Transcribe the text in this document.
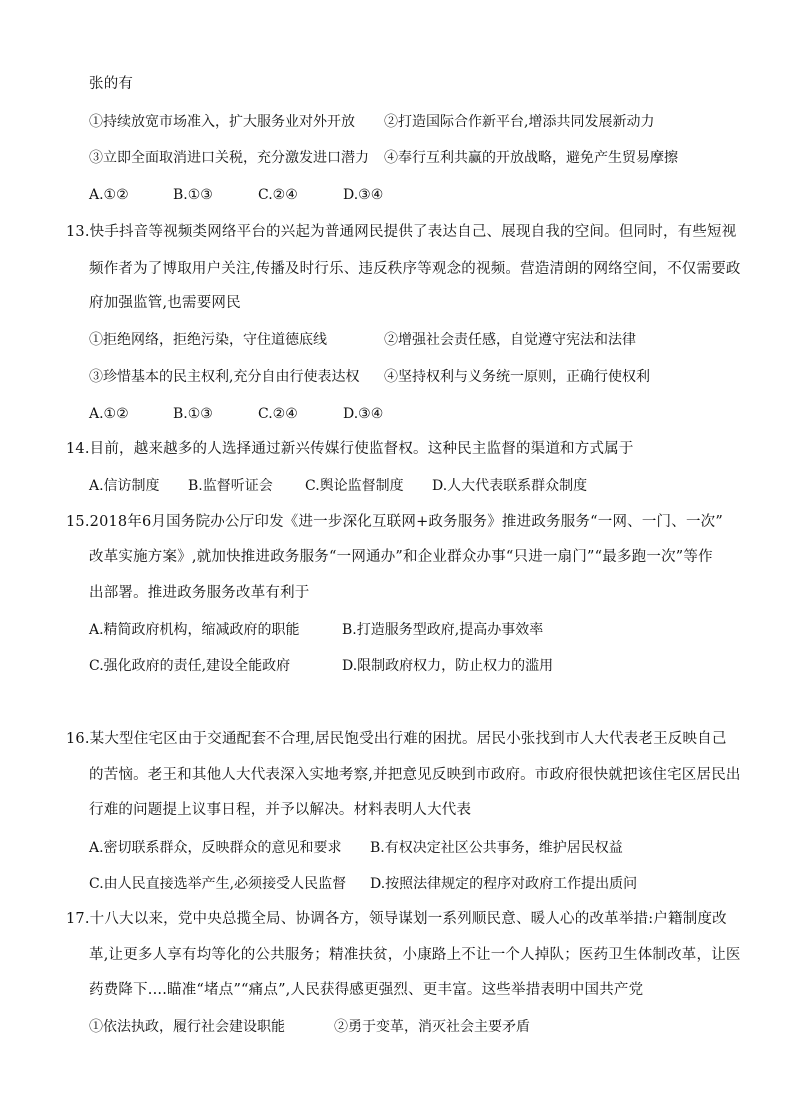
张的有
①持续放宽市场准入，扩大服务业对外开放 ②打造国际合作新平台,增添共同发展新动力
③立即全面取消进口关税，充分激发进口潜力 ④奉行互利共赢的开放战略，避免产生贸易摩擦
A.①②	B.①③	C.②④	D.③④
13.快手抖音等视频类网络平台的兴起为普通网民提供了表达自己、展现自我的空间。但同时，有些短视
频作者为了博取用户关注,传播及时行乐、违反秩序等观念的视频。营造清朗的网络空间，不仅需要政
府加强监管,也需要网民
①拒绝网络，拒绝污染，守住道德底线	②增强社会责任感，自觉遵守宪法和法律
③珍惜基本的民主权利,充分自由行使表达权 ④坚持权利与义务统一原则，正确行使权利
A.①②	B.①③	C.②④	D.③④
14.目前，越来越多的人选择通过新兴传媒行使监督权。这种民主监督的渠道和方式属于
A.信访制度 B.监督听证会 C.舆论监督制度 D.人大代表联系群众制度
15.2018年6月国务院办公厅印发《进一步深化互联网+政务服务》推进政务服务“一网、一门、一次”
改革实施方案》,就加快推进政务服务“一网通办”和企业群众办事“只进一扇门”“最多跑一次”等作
出部署。推进政务服务改革有利于
A.精简政府机构，缩减政府的职能	B.打造服务型政府,提高办事效率
C.强化政府的责任,建设全能政府	D.限制政府权力，防止权力的滥用
16.某大型住宅区由于交通配套不合理,居民饱受出行难的困扰。居民小张找到市人大代表老王反映自己
的苦恼。老王和其他人大代表深入实地考察,并把意见反映到市政府。市政府很快就把该住宅区居民出
行难的问题提上议事日程，并予以解决。材料表明人大代表
A.密切联系群众，反映群众的意见和要求 B.有权决定社区公共事务，维护居民权益
C.由人民直接选举产生,必须接受人民监督 D.按照法律规定的程序对政府工作提出质问
17.十八大以来，党中央总揽全局、协调各方，领导谋划一系列顺民意、暖人心的改革举措:户籍制度改
革,让更多人享有均等化的公共服务；精准扶贫，小康路上不让一个人掉队；医药卫生体制改革，让医
药费降下....瞄准“堵点”“痛点”,人民获得感更强烈、更丰富。这些举措表明中国共产党
①依法执政，履行社会建设职能	②勇于变革，消灭社会主要矛盾
